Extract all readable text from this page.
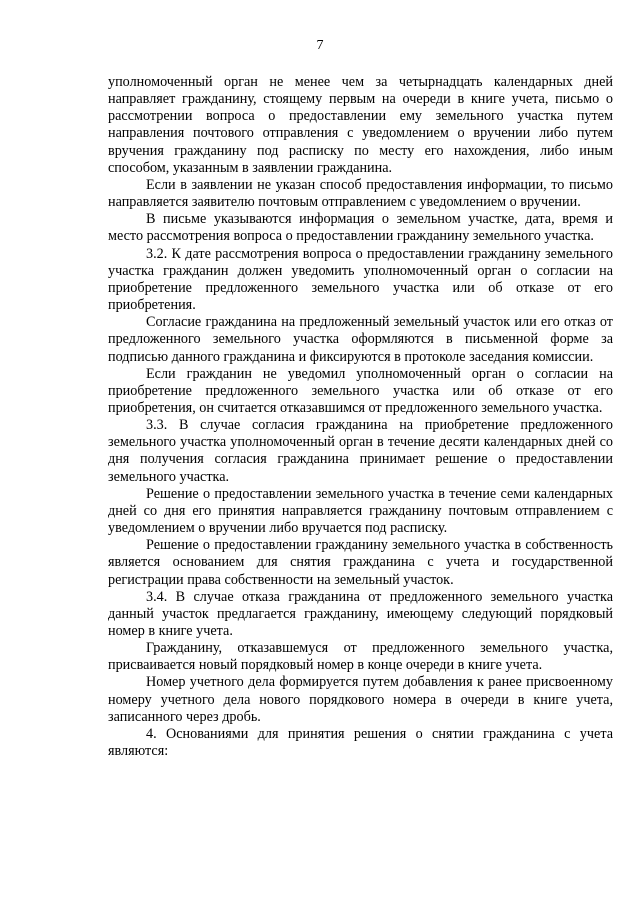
7

уполномоченный орган не менее чем за четырнадцать календарных дней направляет гражданину, стоящему первым на очереди в книге учета, письмо о рассмотрении вопроса о предоставлении ему земельного участка путем направления почтового отправления с уведомлением о вручении либо путем вручения гражданину под расписку по месту его нахождения, либо иным способом, указанным в заявлении гражданина.

Если в заявлении не указан способ предоставления информации, то письмо направляется заявителю почтовым отправлением с уведомлением о вручении.

В письме указываются информация о земельном участке, дата, время и место рассмотрения вопроса о предоставлении гражданину земельного участка.

3.2. К дате рассмотрения вопроса о предоставлении гражданину земельного участка гражданин должен уведомить уполномоченный орган о согласии на приобретение предложенного земельного участка или об отказе от его приобретения.

Согласие гражданина на предложенный земельный участок или его отказ от предложенного земельного участка оформляются в письменной форме за подписью данного гражданина и фиксируются в протоколе заседания комиссии.

Если гражданин не уведомил уполномоченный орган о согласии на приобретение предложенного земельного участка или об отказе от его приобретения, он считается отказавшимся от предложенного земельного участка.

3.3. В случае согласия гражданина на приобретение предложенного земельного участка уполномоченный орган в течение десяти календарных дней со дня получения согласия гражданина принимает решение о предоставлении земельного участка.

Решение о предоставлении земельного участка в течение семи календарных дней со дня его принятия направляется гражданину почтовым отправлением с уведомлением о вручении либо вручается под расписку.

Решение о предоставлении гражданину земельного участка в собственность является основанием для снятия гражданина с учета и государственной регистрации права собственности на земельный участок.

3.4. В случае отказа гражданина от предложенного земельного участка данный участок предлагается гражданину, имеющему следующий порядковый номер в книге учета.

Гражданину, отказавшемуся от предложенного земельного участка, присваивается новый порядковый номер в конце очереди в книге учета.

Номер учетного дела формируется путем добавления к ранее присвоенному номеру учетного дела нового порядкового номера в очереди в книге учета, записанного через дробь.

4. Основаниями для принятия решения о снятии гражданина с учета являются:
